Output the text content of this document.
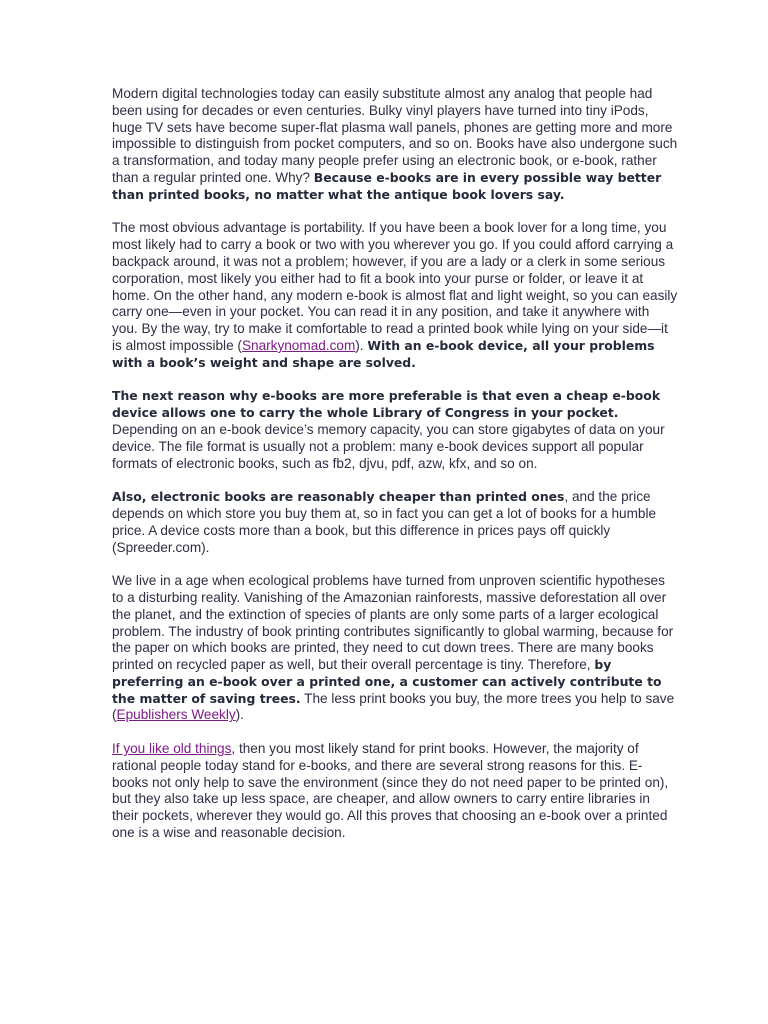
Modern digital technologies today can easily substitute almost any analog that people had been using for decades or even centuries. Bulky vinyl players have turned into tiny iPods, huge TV sets have become super-flat plasma wall panels, phones are getting more and more impossible to distinguish from pocket computers, and so on. Books have also undergone such a transformation, and today many people prefer using an electronic book, or e-book, rather than a regular printed one. Why? Because e-books are in every possible way better than printed books, no matter what the antique book lovers say.

The most obvious advantage is portability. If you have been a book lover for a long time, you most likely had to carry a book or two with you wherever you go. If you could afford carrying a backpack around, it was not a problem; however, if you are a lady or a clerk in some serious corporation, most likely you either had to fit a book into your purse or folder, or leave it at home. On the other hand, any modern e-book is almost flat and light weight, so you can easily carry one—even in your pocket. You can read it in any position, and take it anywhere with you. By the way, try to make it comfortable to read a printed book while lying on your side—it is almost impossible (Snarkynomad.com). With an e-book device, all your problems with a book’s weight and shape are solved.

The next reason why e-books are more preferable is that even a cheap e-book device allows one to carry the whole Library of Congress in your pocket. Depending on an e-book device’s memory capacity, you can store gigabytes of data on your device. The file format is usually not a problem: many e-book devices support all popular formats of electronic books, such as fb2, djvu, pdf, azw, kfx, and so on.

Also, electronic books are reasonably cheaper than printed ones, and the price depends on which store you buy them at, so in fact you can get a lot of books for a humble price. A device costs more than a book, but this difference in prices pays off quickly (Spreeder.com).

We live in a age when ecological problems have turned from unproven scientific hypotheses to a disturbing reality. Vanishing of the Amazonian rainforests, massive deforestation all over the planet, and the extinction of species of plants are only some parts of a larger ecological problem. The industry of book printing contributes significantly to global warming, because for the paper on which books are printed, they need to cut down trees. There are many books printed on recycled paper as well, but their overall percentage is tiny. Therefore, by preferring an e-book over a printed one, a customer can actively contribute to the matter of saving trees. The less print books you buy, the more trees you help to save (Epublishers Weekly).

If you like old things, then you most likely stand for print books. However, the majority of rational people today stand for e-books, and there are several strong reasons for this. E-books not only help to save the environment (since they do not need paper to be printed on), but they also take up less space, are cheaper, and allow owners to carry entire libraries in their pockets, wherever they would go. All this proves that choosing an e-book over a printed one is a wise and reasonable decision.
